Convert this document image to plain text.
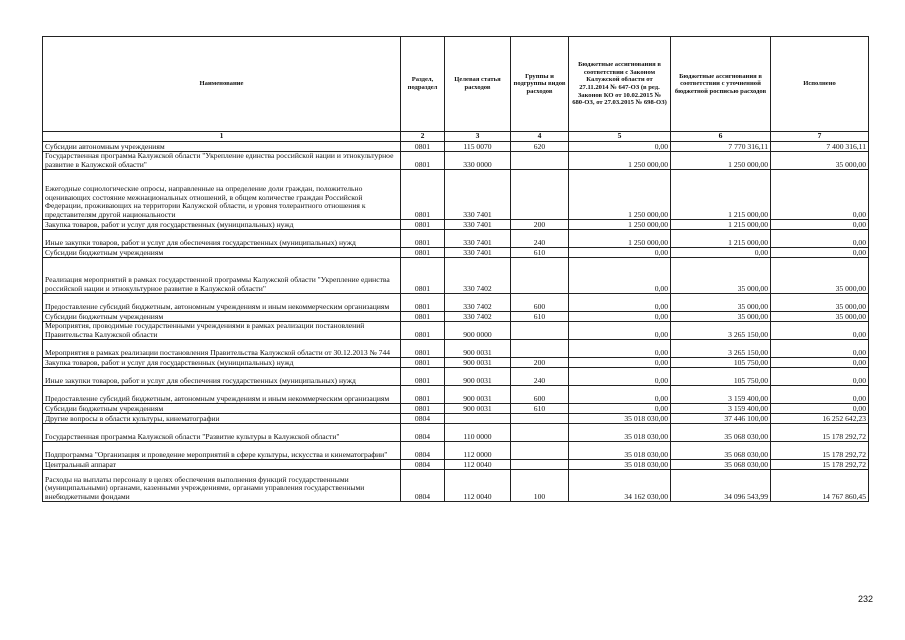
Наименование	Раздел, подраздел	Целевая статья расходов	Группы и подгруппы видов расходов	Бюджетные ассигнования в соответствии с Законом Калужской области от 27.11.2014 № 647-ОЗ (в ред. Законов КО от 10.02.2015 № 680-ОЗ, от 27.03.2015 № 698-ОЗ)	Бюджетные ассигнования в соответствии с уточненной бюджетной росписью расходов	Исполнено
1	2	3	4	5	6	7
Субсидии автономным учреждениям	0801	115 0070	620	0,00	7 770 316,11	7 400 316,11
Государственная программа Калужской области "Укрепление единства российской нации и этнокультурное развитие в Калужской области"	0801	330 0000		1 250 000,00	1 250 000,00	35 000,00
Ежегодные социологические опросы, направленные на определение доли граждан, положительно оценивающих состояние межнациональных отношений, в общем количестве граждан Российской Федерации, проживающих на территории Калужской области, и уровня толерантного отношения к представителям другой национальности	0801	330 7401		1 250 000,00	1 215 000,00	0,00
Закупка товаров, работ и услуг для государственных (муниципальных) нужд	0801	330 7401	200	1 250 000,00	1 215 000,00	0,00
Иные закупки товаров, работ и услуг для обеспечения государственных (муниципальных) нужд	0801	330 7401	240	1 250 000,00	1 215 000,00	0,00
Субсидии бюджетным учреждениям	0801	330 7401	610	0,00	0,00	0,00
Реализация мероприятий в рамках государственной программы Калужской области "Укрепление единства российской нации и этнокультурное развитие в Калужской области"	0801	330 7402		0,00	35 000,00	35 000,00
Предоставление субсидий бюджетным, автономным учреждениям и иным некоммерческим организациям	0801	330 7402	600	0,00	35 000,00	35 000,00
Субсидии бюджетным учреждениям	0801	330 7402	610	0,00	35 000,00	35 000,00
Мероприятия, проводимые государственными учреждениями в рамках реализации постановлений Правительства Калужской области	0801	900 0000		0,00	3 265 150,00	0,00
Мероприятия в рамках реализации постановления Правительства Калужской области от 30.12.2013 № 744	0801	900 0031		0,00	3 265 150,00	0,00
Закупка товаров, работ и услуг для государственных (муниципальных) нужд	0801	900 0031	200	0,00	105 750,00	0,00
Иные закупки товаров, работ и услуг для обеспечения государственных (муниципальных) нужд	0801	900 0031	240	0,00	105 750,00	0,00
Предоставление субсидий бюджетным, автономным учреждениям и иным некоммерческим организациям	0801	900 0031	600	0,00	3 159 400,00	0,00
Субсидии бюджетным учреждениям	0801	900 0031	610	0,00	3 159 400,00	0,00
Другие вопросы в области культуры, кинематографии	0804			35 018 030,00	37 446 100,00	16 252 642,23
Государственная программа Калужской области "Развитие культуры в Калужской области"	0804	110 0000		35 018 030,00	35 068 030,00	15 178 292,72
Подпрограмма "Организация и проведение мероприятий в сфере культуры, искусства и кинематографии"	0804	112 0000		35 018 030,00	35 068 030,00	15 178 292,72
Центральный аппарат	0804	112 0040		35 018 030,00	35 068 030,00	15 178 292,72
Расходы на выплаты персоналу в целях обеспечения выполнения функций государственными (муниципальными) органами, казенными учреждениями, органами управления государственными внебюджетными фондами	0804	112 0040	100	34 162 030,00	34 096 543,99	14 767 860,45
232
